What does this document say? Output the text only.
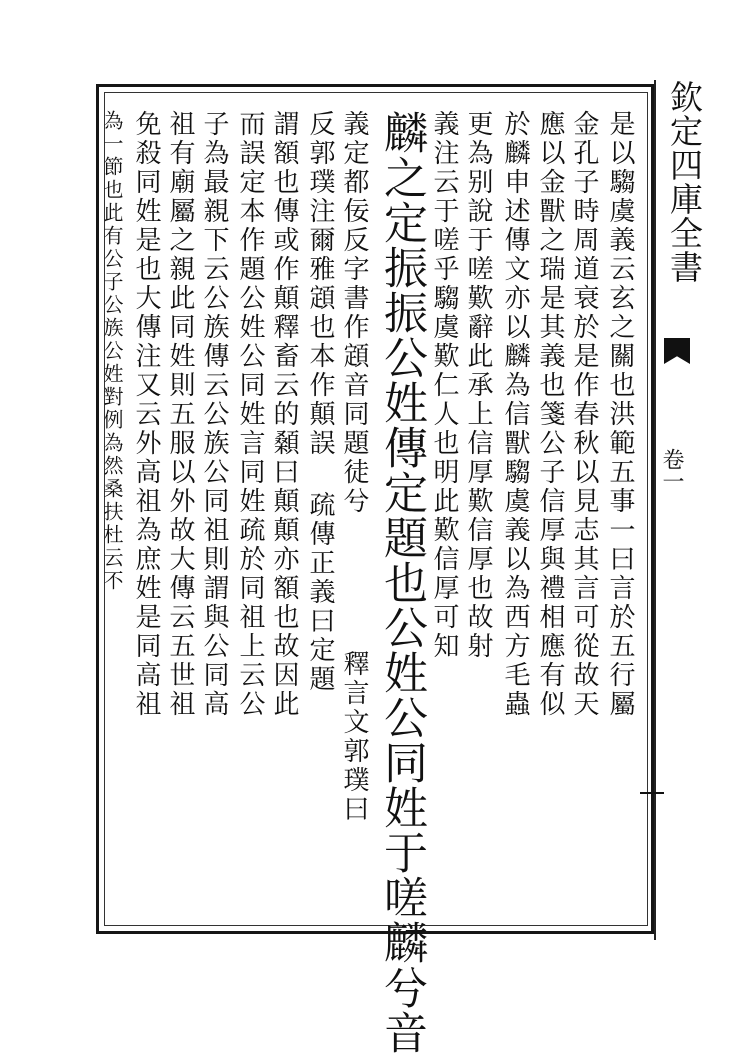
欽定四庫全書
卷一
是以騶虞義云玄之關也洪範五事一曰言於五行屬
金孔子時周道衰於是作春秋以見志其言可從故天
應以金獸之瑞是其義也箋公子信厚與禮相應有似
於麟申述傳文亦以麟為信獸騶虞義以為西方毛蟲
更為别說于嗟歎辭此承上信厚歎信厚也故射
義注云于嗟乎騶虞歎仁人也明此歎信厚可知
麟之定振振公姓傳定題也公姓公同姓于嗟麟兮音
義定都佞反字書作顁音同題徒兮
反郭璞注爾雅顁也本作顛誤 疏傳正義曰定題
釋言文郭璞曰
謂額也傳或作顛釋畜云的顙曰顛顛亦額也故因此
而誤定本作題公姓公同姓言同姓疏於同祖上云公
子為最親下云公族傳云公族公同祖則謂與公同高
祖有廟屬之親此同姓則五服以外故大傳云五世祖
免殺同姓是也大傳注又云外高祖為庶姓是同高祖
為一節也此有公子公族公姓對例為然桑扶杜云不
